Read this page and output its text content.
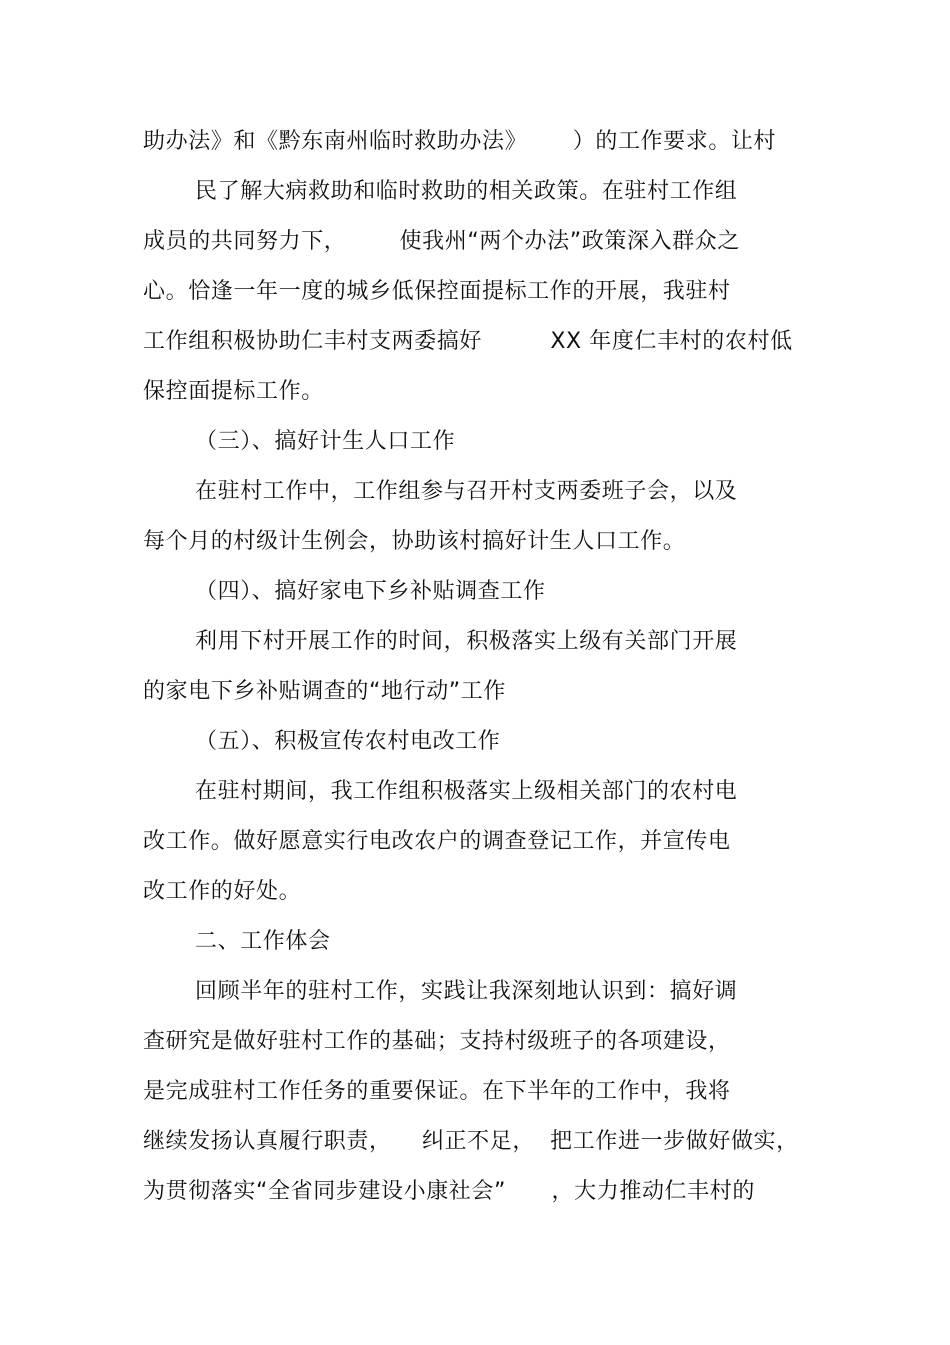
助办法》和《黔东南州临时救助办法》      ）的工作要求。让村
民了解大病救助和临时救助的相关政策。在驻村工作组
成员的共同努力下，       使我州“两个办法”政策深入群众之
心。恰逢一年一度的城乡低保控面提标工作的开展，我驻村
工作组积极协助仁丰村支两委搞好         XX 年度仁丰村的农村低
保控面提标工作。
（三）、搞好计生人口工作
在驻村工作中，工作组参与召开村支两委班子会，以及
每个月的村级计生例会，协助该村搞好计生人口工作。
（四）、搞好家电下乡补贴调查工作
利用下村开展工作的时间，积极落实上级有关部门开展
的家电下乡补贴调查的“地行动”工作
（五）、积极宣传农村电改工作
在驻村期间，我工作组积极落实上级相关部门的农村电
改工作。做好愿意实行电改农户的调查登记工作，并宣传电
改工作的好处。
二、工作体会
回顾半年的驻村工作，实践让我深刻地认识到：搞好调
查研究是做好驻村工作的基础；支持村级班子的各项建设，
是完成驻村工作任务的重要保证。在下半年的工作中，我将
继续发扬认真履行职责，    纠正不足，  把工作进一步做好做实，
为贯彻落实“全省同步建设小康社会”      ，大力推动仁丰村的
